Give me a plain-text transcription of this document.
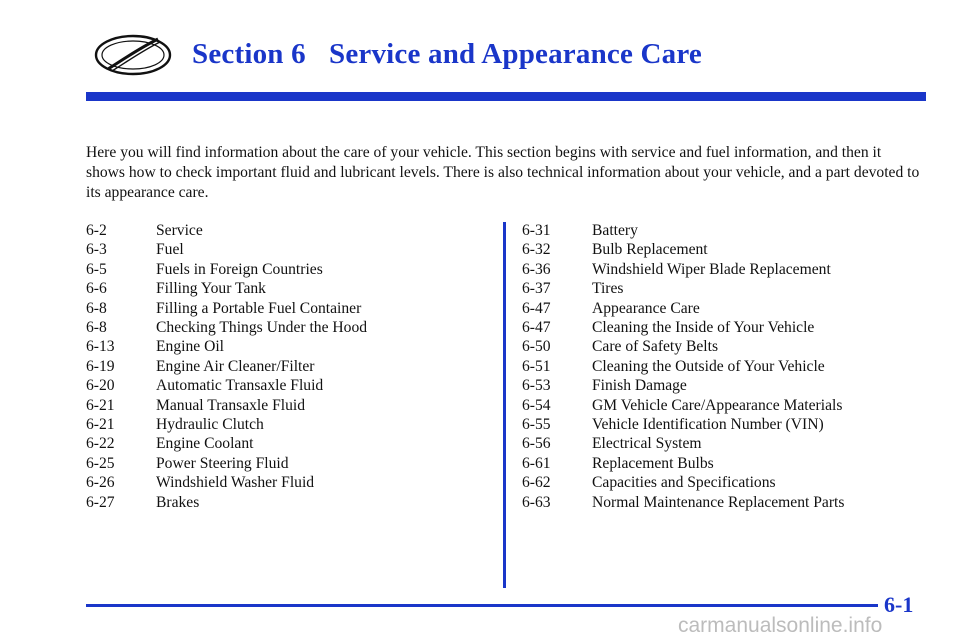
Section 6 Service and Appearance Care

Here you will find information about the care of your vehicle. This section begins with service and fuel information, and then it shows how to check important fluid and lubricant levels. There is also technical information about your vehicle, and a part devoted to its appearance care.

6-2	Service
6-3	Fuel
6-5	Fuels in Foreign Countries
6-6	Filling Your Tank
6-8	Filling a Portable Fuel Container
6-8	Checking Things Under the Hood
6-13	Engine Oil
6-19	Engine Air Cleaner/Filter
6-20	Automatic Transaxle Fluid
6-21	Manual Transaxle Fluid
6-21	Hydraulic Clutch
6-22	Engine Coolant
6-25	Power Steering Fluid
6-26	Windshield Washer Fluid
6-27	Brakes
6-31	Battery
6-32	Bulb Replacement
6-36	Windshield Wiper Blade Replacement
6-37	Tires
6-47	Appearance Care
6-47	Cleaning the Inside of Your Vehicle
6-50	Care of Safety Belts
6-51	Cleaning the Outside of Your Vehicle
6-53	Finish Damage
6-54	GM Vehicle Care/Appearance Materials
6-55	Vehicle Identification Number (VIN)
6-56	Electrical System
6-61	Replacement Bulbs
6-62	Capacities and Specifications
6-63	Normal Maintenance Replacement Parts
6-1
carmanualsonline.info
